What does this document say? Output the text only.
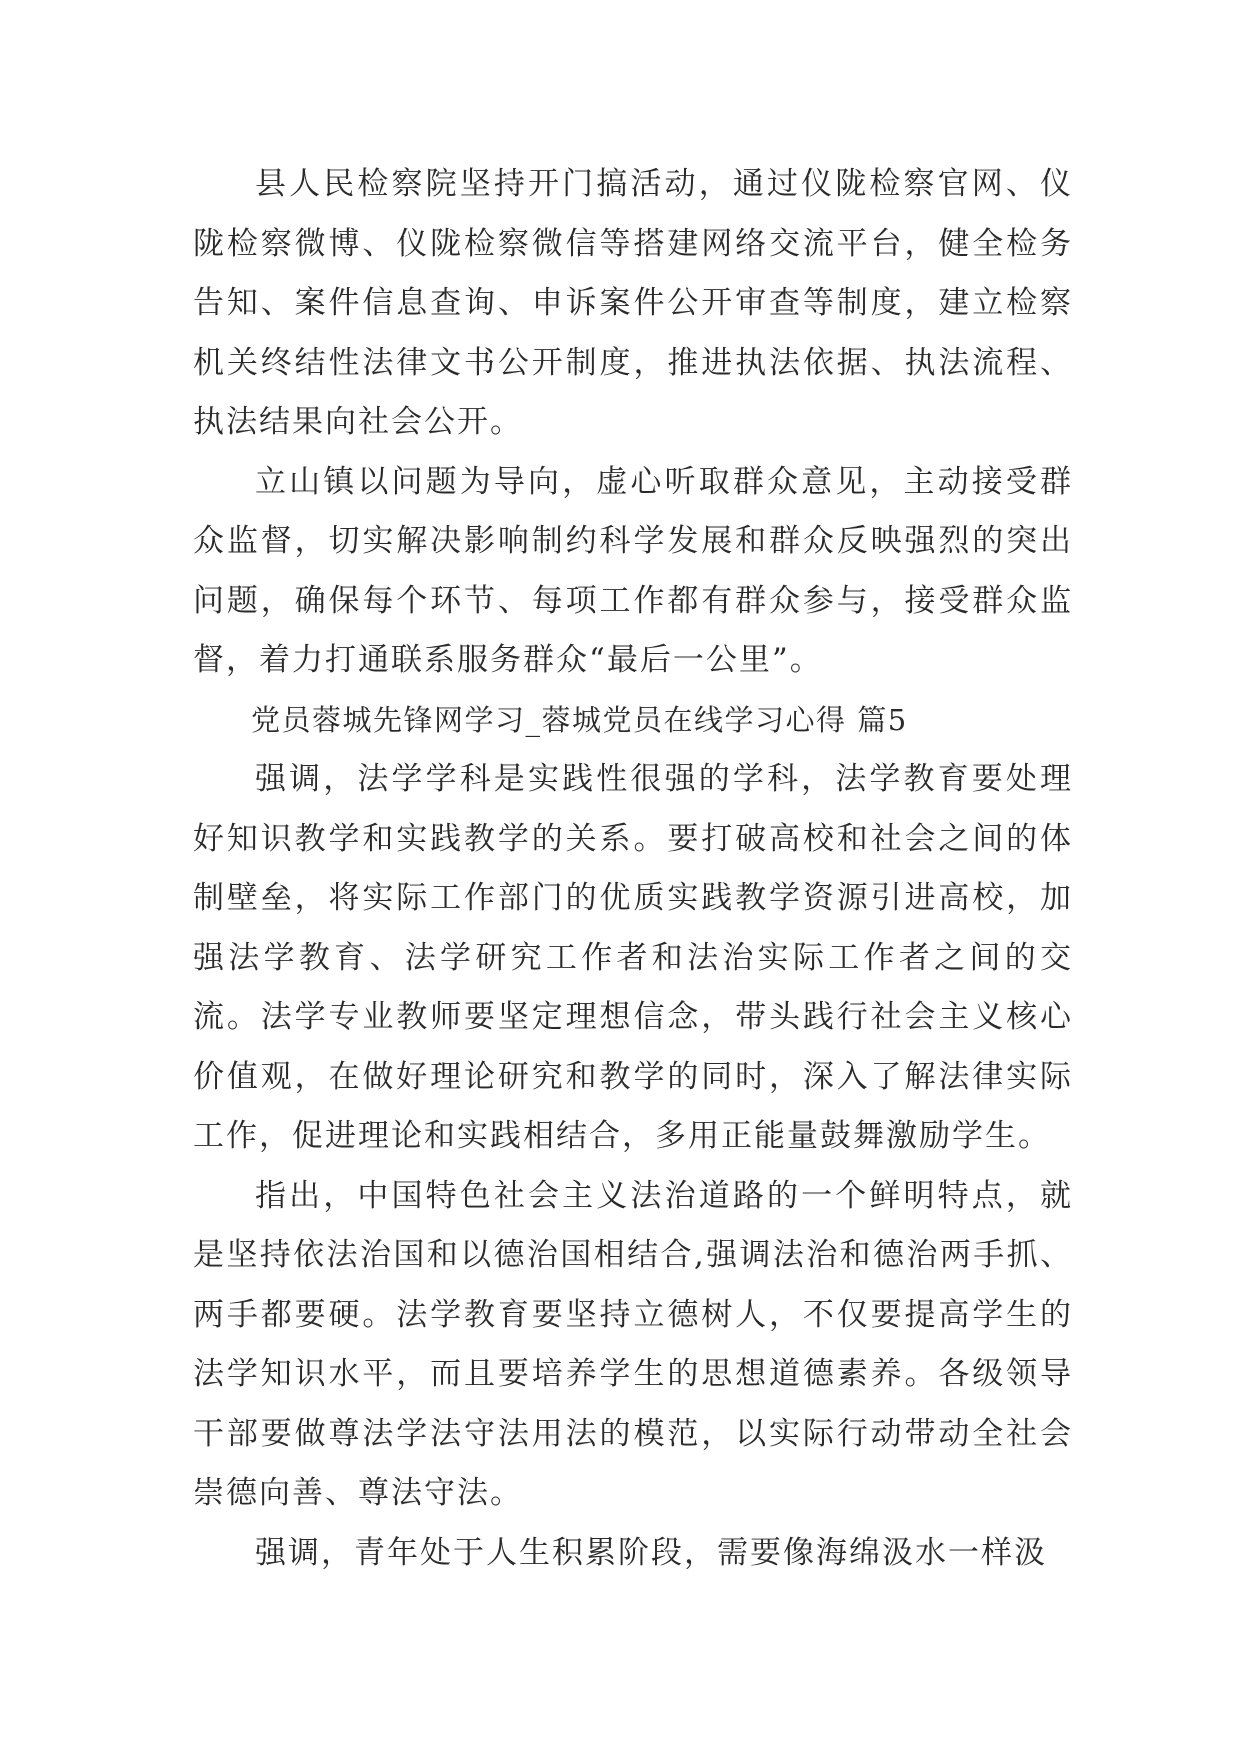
县人民检察院坚持开门搞活动，通过仪陇检察官网、仪陇检察微博、仪陇检察微信等搭建网络交流平台，健全检务告知、案件信息查询、申诉案件公开审查等制度，建立检察机关终结性法律文书公开制度，推进执法依据、执法流程、执法结果向社会公开。

立山镇以问题为导向，虚心听取群众意见，主动接受群众监督，切实解决影响制约科学发展和群众反映强烈的突出问题，确保每个环节、每项工作都有群众参与，接受群众监督，着力打通联系服务群众“最后一公里”。

党员蓉城先锋网学习_蓉城党员在线学习心得 篇5

强调，法学学科是实践性很强的学科，法学教育要处理好知识教学和实践教学的关系。要打破高校和社会之间的体制壁垒，将实际工作部门的优质实践教学资源引进高校，加强法学教育、法学研究工作者和法治实际工作者之间的交流。法学专业教师要坚定理想信念，带头践行社会主义核心价值观，在做好理论研究和教学的同时，深入了解法律实际工作，促进理论和实践相结合，多用正能量鼓舞激励学生。

指出，中国特色社会主义法治道路的一个鲜明特点，就是坚持依法治国和以德治国相结合,强调法治和德治两手抓、两手都要硬。法学教育要坚持立德树人，不仅要提高学生的法学知识水平，而且要培养学生的思想道德素养。各级领导干部要做尊法学法守法用法的模范，以实际行动带动全社会崇德向善、尊法守法。

强调，青年处于人生积累阶段，需要像海绵汲水一样汲
